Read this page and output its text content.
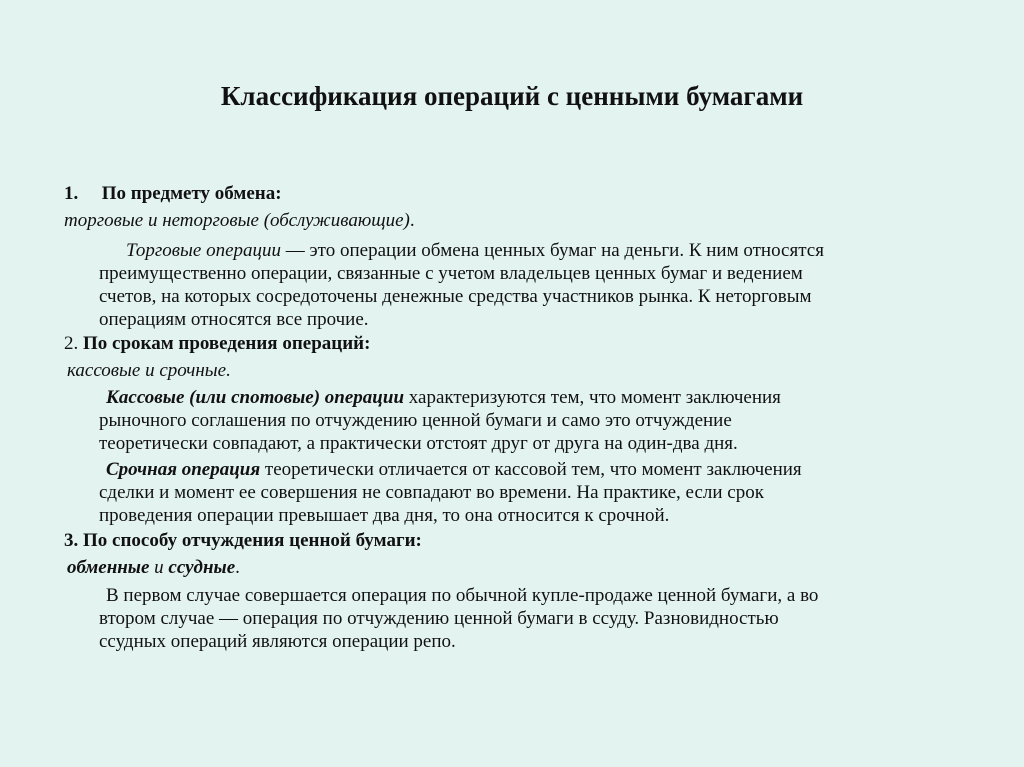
Классификация операций с ценными бумагами
1. По предмету обмена:
торговые и неторговые (обслуживающие).
Торговые операции — это операции обмена ценных бумаг на деньги. К ним относятся
преимущественно операции, связанные с учетом владельцев ценных бумаг и ведением
счетов, на которых сосредоточены денежные средства участников рынка. К неторговым
операциям относятся все прочие.
2. По срокам проведения операций:
кассовые и срочные.
Кассовые (или спотовые) операции характеризуются тем, что момент заключения
рыночного соглашения по отчуждению ценной бумаги и само это отчуждение
теоретически совпадают, а практически отстоят друг от друга на один-два дня.
Срочная операция теоретически отличается от кассовой тем, что момент заключения
сделки и момент ее совершения не совпадают во времени. На практике, если срок
проведения операции превышает два дня, то она относится к срочной.
3. По способу отчуждения ценной бумаги:
обменные и ссудные.
В первом случае совершается операция по обычной купле-продаже ценной бумаги, а во
втором случае — операция по отчуждению ценной бумаги в ссуду. Разновидностью
ссудных операций являются операции репо.
